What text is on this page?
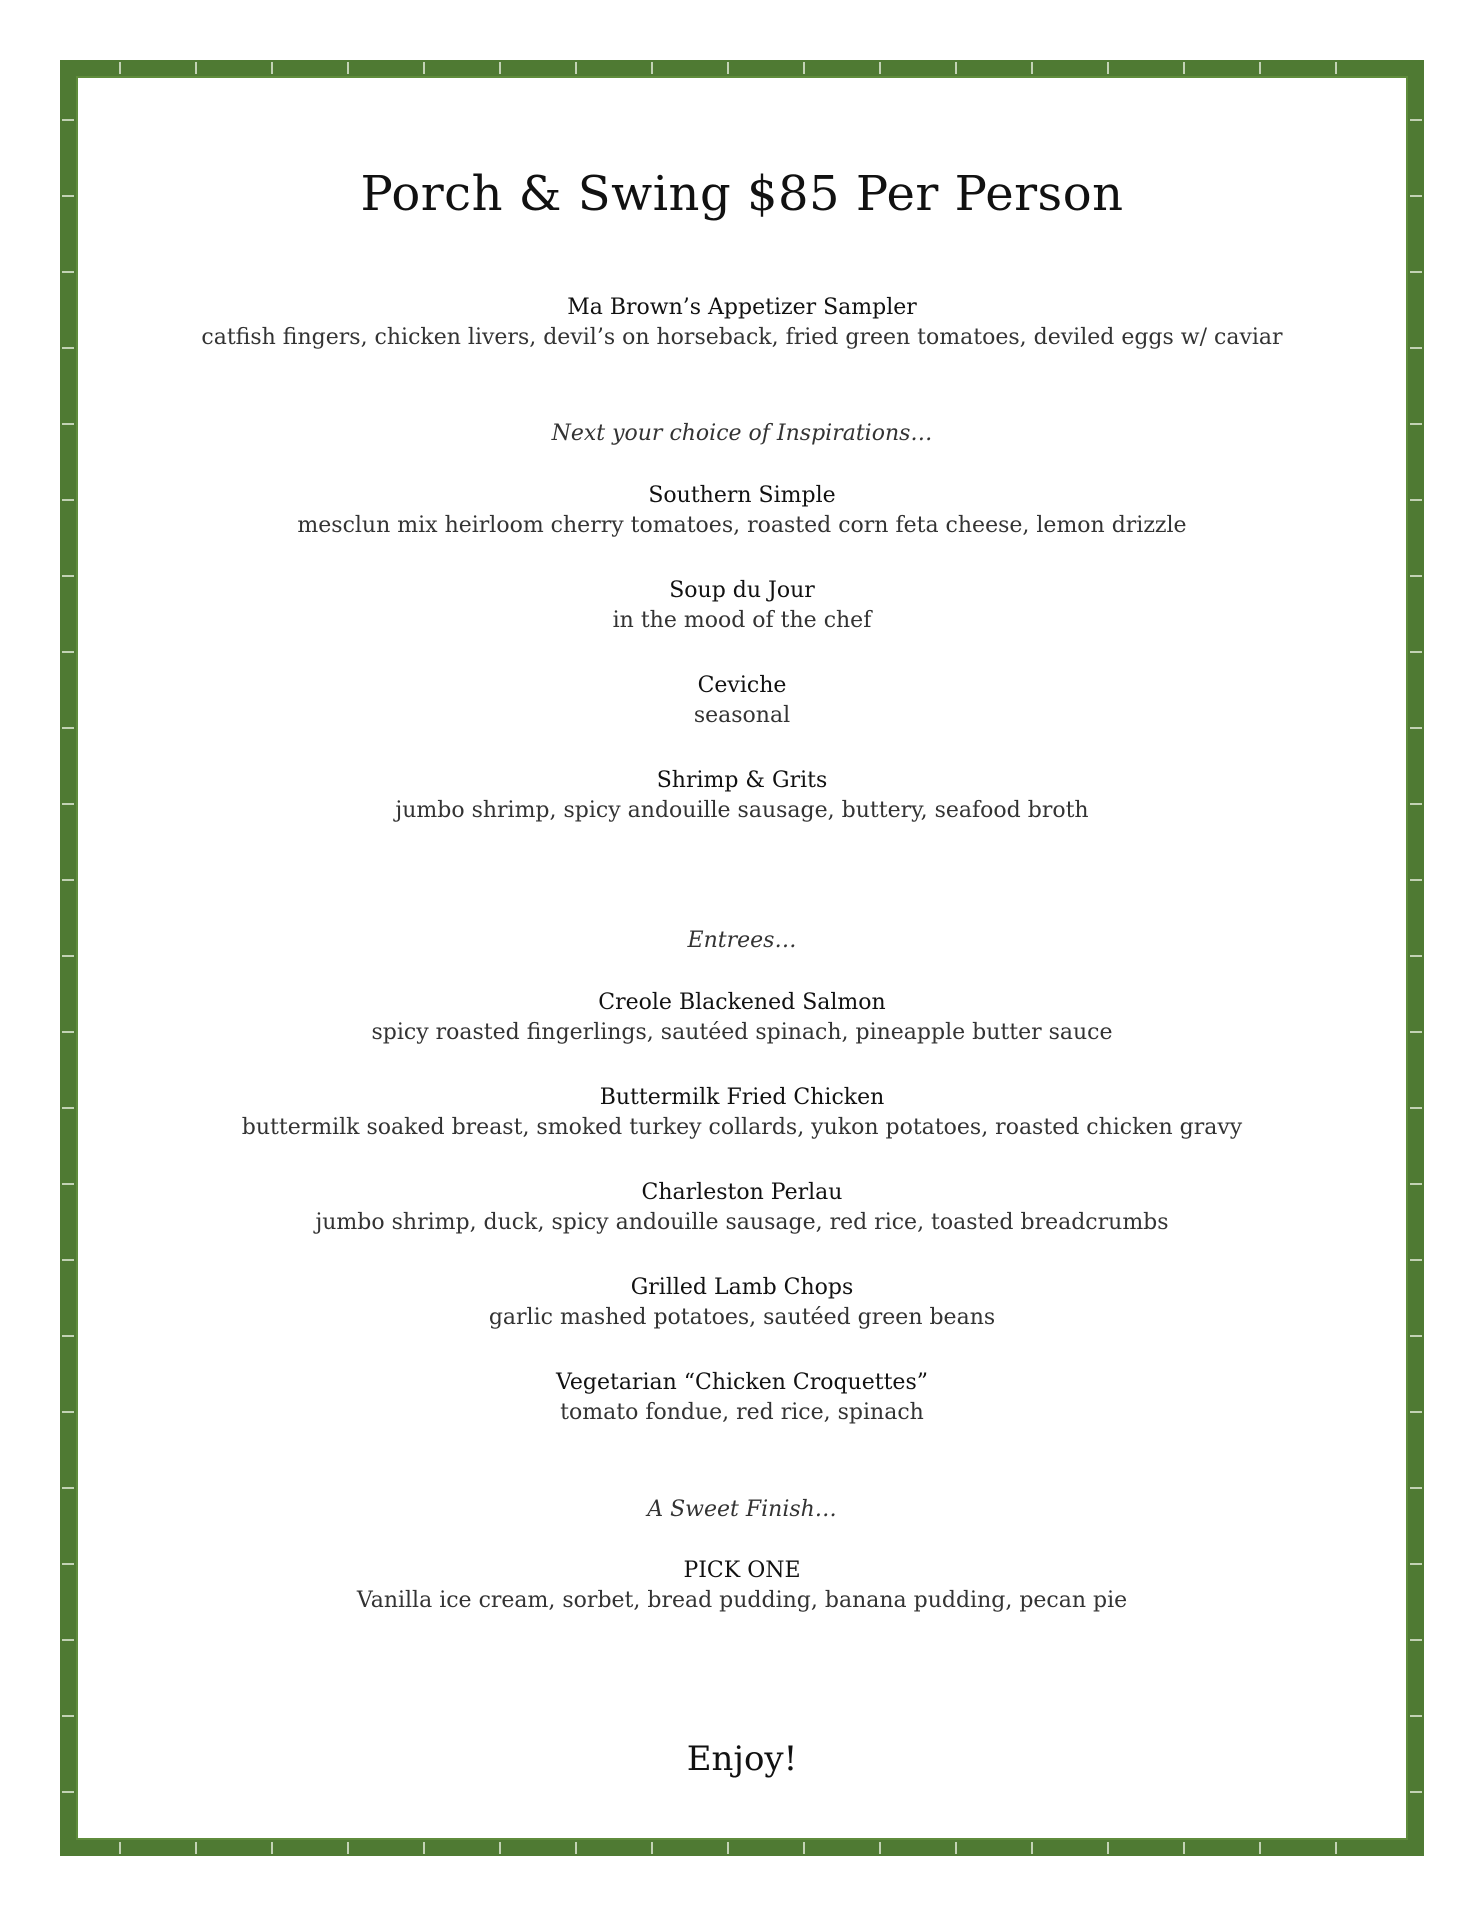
Porch & Swing $85 Per Person
Ma Brown’s Appetizer Sampler
catfish fingers, chicken livers, devil’s on horseback, fried green tomatoes, deviled eggs w/ caviar
Next your choice of Inspirations…
Southern Simple
mesclun mix heirloom cherry tomatoes, roasted corn feta cheese, lemon drizzle
Soup du Jour
in the mood of the chef
Ceviche
seasonal
Shrimp & Grits
jumbo shrimp, spicy andouille sausage, buttery, seafood broth
Entrees…
Creole Blackened Salmon
spicy roasted fingerlings, sautéed spinach, pineapple butter sauce
Buttermilk Fried Chicken
buttermilk soaked breast, smoked turkey collards, yukon potatoes, roasted chicken gravy
Charleston Perlau
jumbo shrimp, duck, spicy andouille sausage, red rice, toasted breadcrumbs
Grilled Lamb Chops
garlic mashed potatoes, sautéed green beans
Vegetarian “Chicken Croquettes”
tomato fondue, red rice, spinach
A Sweet Finish…
PICK ONE
Vanilla ice cream, sorbet, bread pudding, banana pudding, pecan pie
Enjoy!
